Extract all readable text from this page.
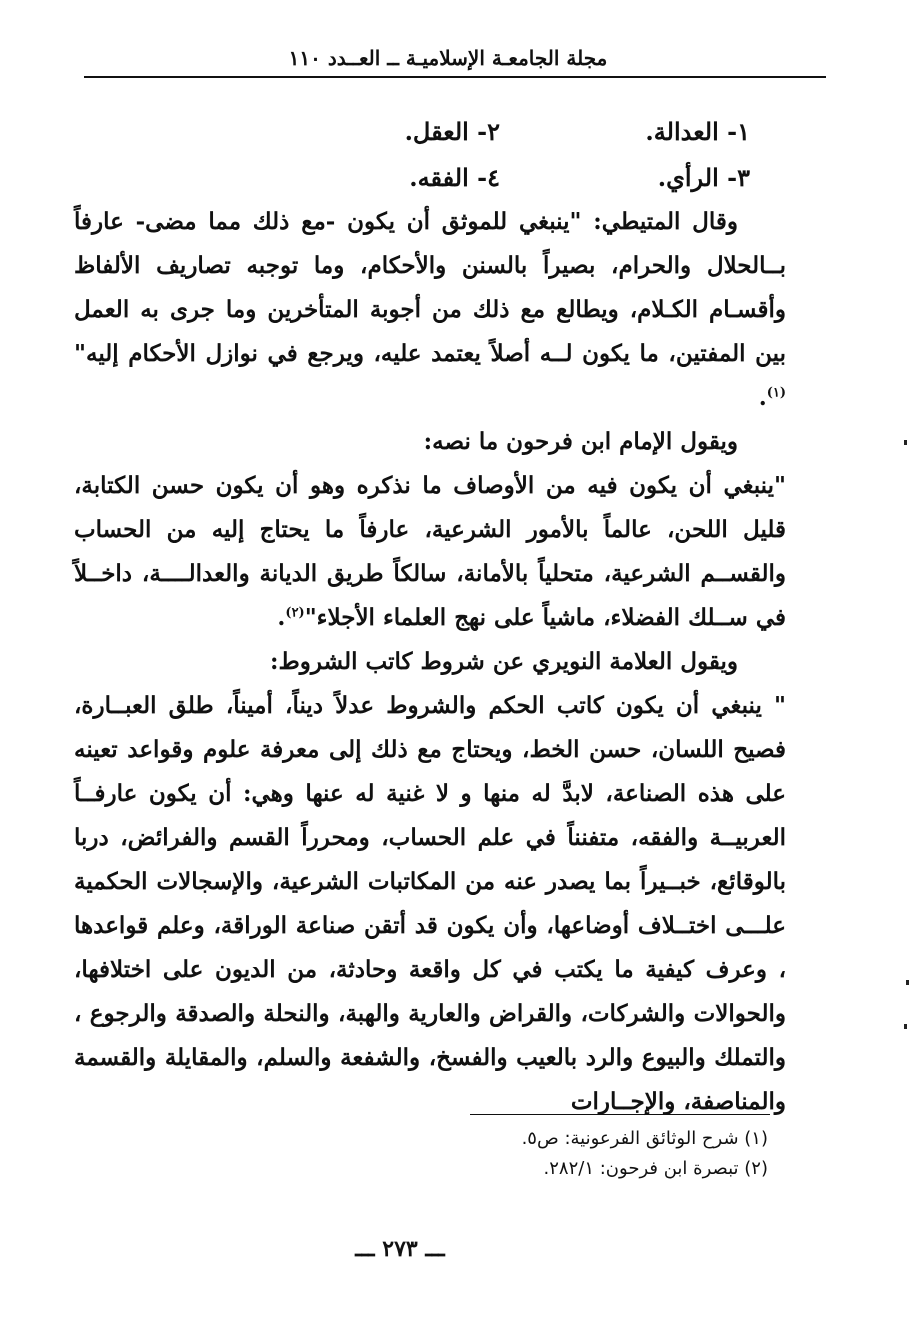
مجلة الجامعـة الإسلاميـة ــ العــدد ١١٠
١- العدالة.
٢- العقل.
٣- الرأي.
٤- الفقه.

وقال المتيطي: "ينبغي للموثق أن يكون -مع ذلك مما مضى- عارفاً بــالحلال والحرام، بصيراً بالسنن والأحكام، وما توجبه تصاريف الألفاظ وأقسـام الكـلام، ويطالع مع ذلك من أجوبة المتأخرين وما جرى به العمل بين المفتين، ما يكون لــه أصلاً يعتمد عليه، ويرجع في نوازل الأحكام إليه"$^{(١)}$.

ويقول الإمام ابن فرحون ما نصه:

"ينبغي أن يكون فيه من الأوصاف ما نذكره وهو أن يكون حسن الكتابة، قليل اللحن، عالماً بالأمور الشرعية، عارفاً ما يحتاج إليه من الحساب والقســم الشرعية، متحلياً بالأمانة، سالكاً طريق الديانة والعدالــــة، داخــلاً في ســلك الفضلاء، ماشياً على نهج العلماء الأجلاء"$^{(٢)}$.

ويقول العلامة النويري عن شروط كاتب الشروط:

" ينبغي أن يكون كاتب الحكم والشروط عدلاً ديناً، أميناً، طلق العبــارة، فصيح اللسان، حسن الخط، ويحتاج مع ذلك إلى معرفة علوم وقواعد تعينه على هذه الصناعة، لابدَّ له منها و لا غنية له عنها وهي: أن يكون عارفــاً العربيــة والفقه، متفنناً في علم الحساب، ومحرراً القسم والفرائض، دربا بالوقائع، خبــيراً بما يصدر عنه من المكاتبات الشرعية، والإسجالات الحكمية علـــى اختــلاف أوضاعها، وأن يكون قد أتقن صناعة الوراقة، وعلم قواعدها ، وعرف كيفية ما يكتب في كل واقعة وحادثة، من الديون على اختلافها، والحوالات والشركات، والقراض والعارية والهبة، والنحلة والصدقة والرجوع ، والتملك والبيوع والرد بالعيب والفسخ، والشفعة والسلم، والمقايلة والقسمة والمناصفة، والإجــارات

(١) شرح الوثائق الفرعونية: ص٥.

(٢) تبصرة ابن فرحون: ٢٨٢/١.

ـــ ٢٧٣ ـــ
